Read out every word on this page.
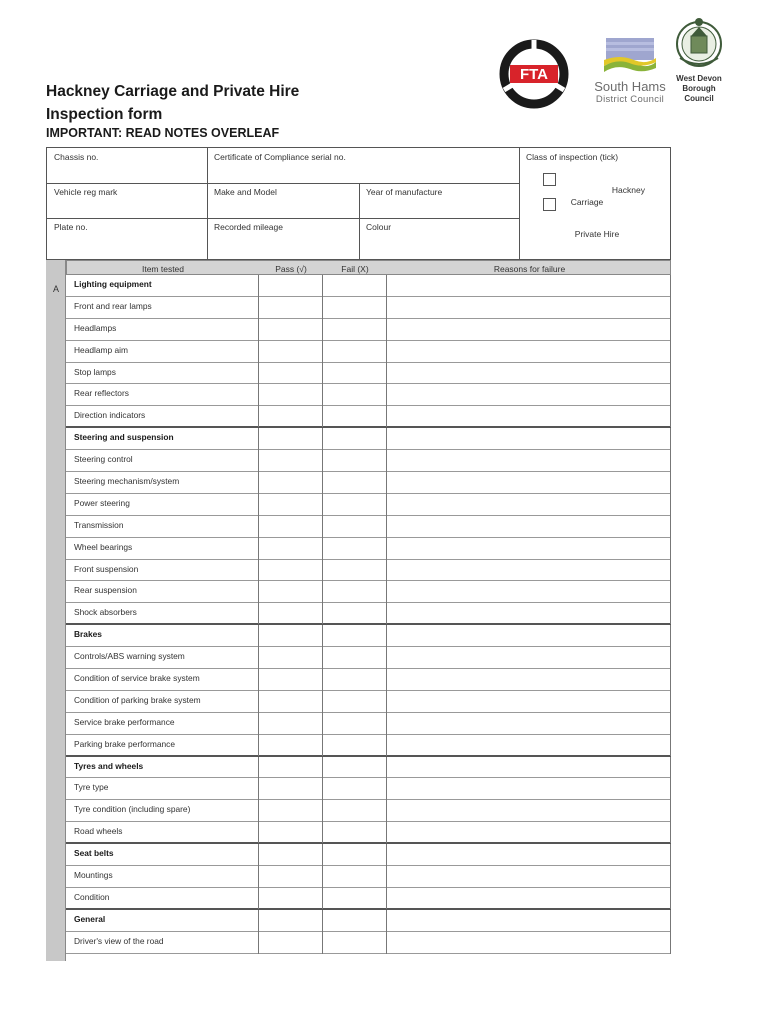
Hackney Carriage and Private Hire
Inspection form
IMPORTANT: READ NOTES OVERLEAF
FTA
South Hams
District Council
West Devon
Borough
Council
Chassis no.	Certificate of Compliance serial no.	Class of inspection (tick)
Vehicle reg mark	Make and Model	Year of manufacture
Plate no.	Recorded mileage	Colour
Hackney
Carriage
Private Hire
A
Item tested	Pass (√)	Fail (X)	Reasons for failure
Lighting equipment
Front and rear lamps
Headlamps
Headlamp aim
Stop lamps
Rear reflectors
Direction indicators
Steering and suspension
Steering control
Steering mechanism/system
Power steering
Transmission
Wheel bearings
Front suspension
Rear suspension
Shock absorbers
Brakes
Controls/ABS warning system
Condition of service brake system
Condition of parking brake system
Service brake performance
Parking brake performance
Tyres and wheels
Tyre type
Tyre condition (including spare)
Road wheels
Seat belts
Mountings
Condition
General
Driver's view of the road
